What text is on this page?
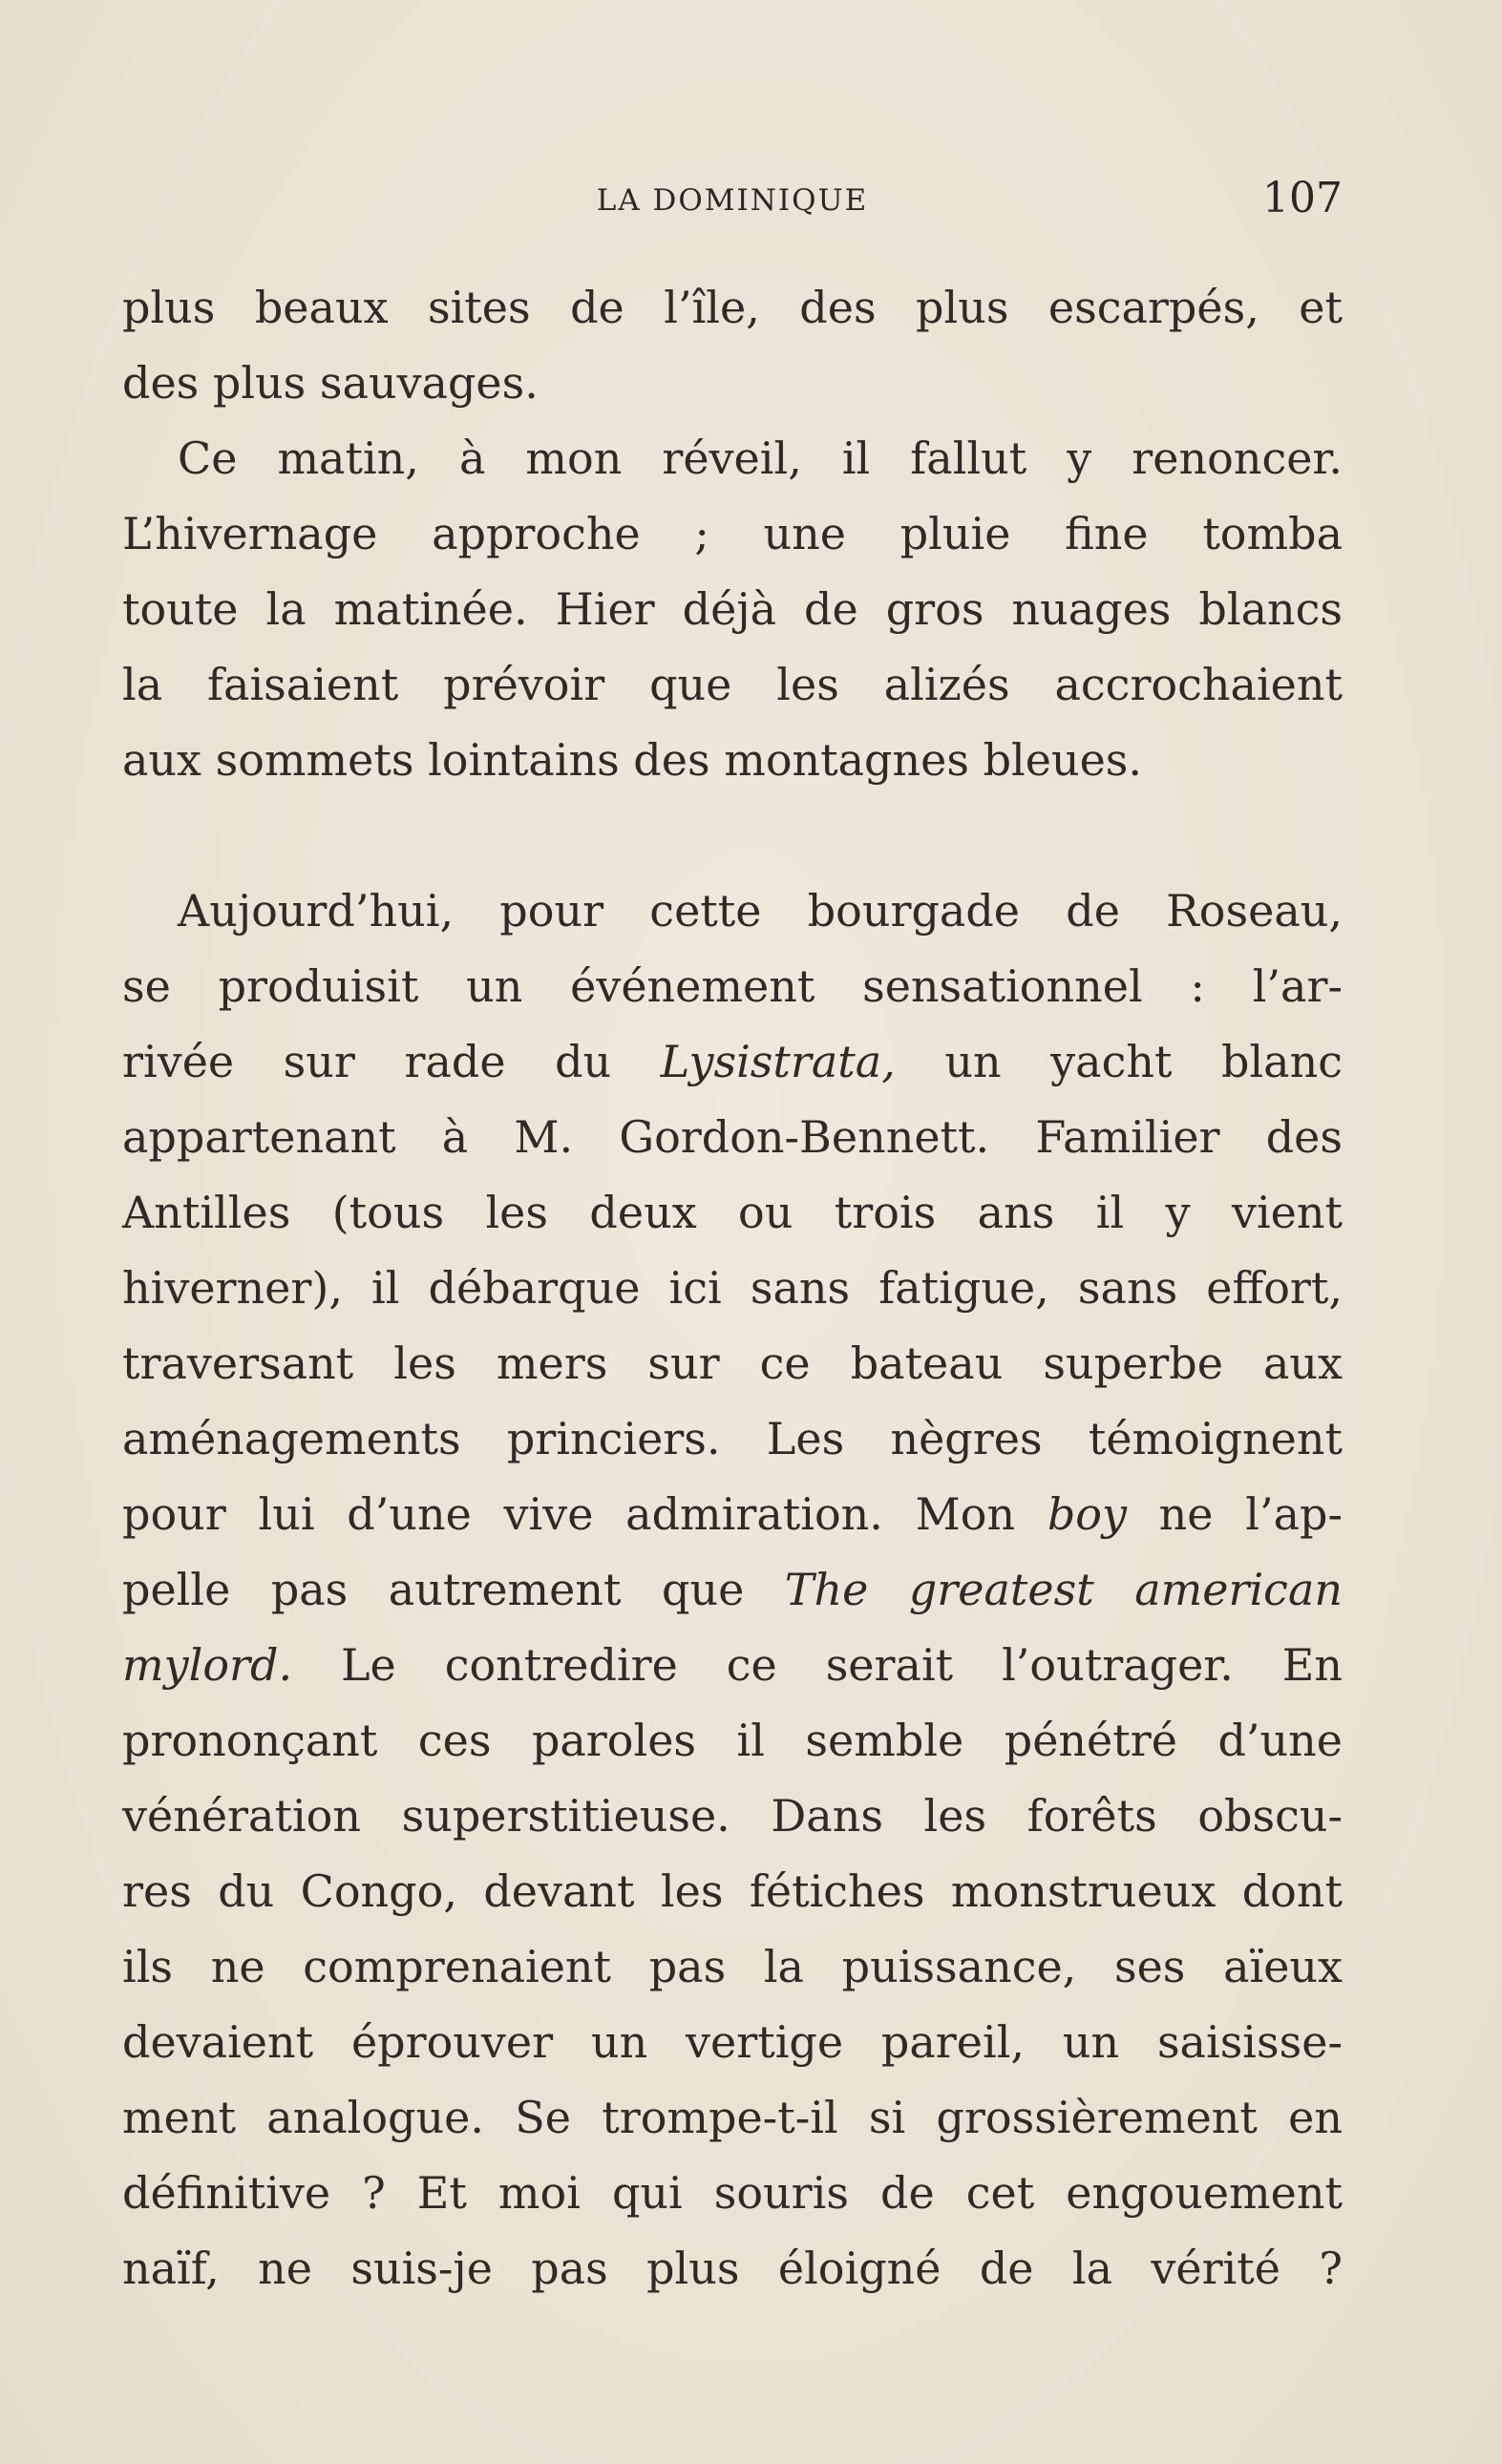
LA DOMINIQUE	107
plus beaux sites de l’île, des plus escarpés, et
des plus sauvages.
Ce matin, à mon réveil, il fallut y renoncer.
L’hivernage approche ; une pluie fine tomba
toute la matinée. Hier déjà de gros nuages blancs
la faisaient prévoir que les alizés accrochaient
aux sommets lointains des montagnes bleues.
Aujourd’hui, pour cette bourgade de Roseau,
se produisit un événement sensationnel : l’ar-
rivée sur rade du Lysistrata, un yacht blanc
appartenant à M. Gordon-Bennett. Familier des
Antilles (tous les deux ou trois ans il y vient
hiverner), il débarque ici sans fatigue, sans effort,
traversant les mers sur ce bateau superbe aux
aménagements princiers. Les nègres témoignent
pour lui d’une vive admiration. Mon boy ne l’ap-
pelle pas autrement que The greatest american
mylord. Le contredire ce serait l’outrager. En
prononçant ces paroles il semble pénétré d’une
vénération superstitieuse. Dans les forêts obscu-
res du Congo, devant les fétiches monstrueux dont
ils ne comprenaient pas la puissance, ses aïeux
devaient éprouver un vertige pareil, un saisisse-
ment analogue. Se trompe-t-il si grossièrement en
définitive ? Et moi qui souris de cet engouement
naïf, ne suis-je pas plus éloigné de la vérité ?
